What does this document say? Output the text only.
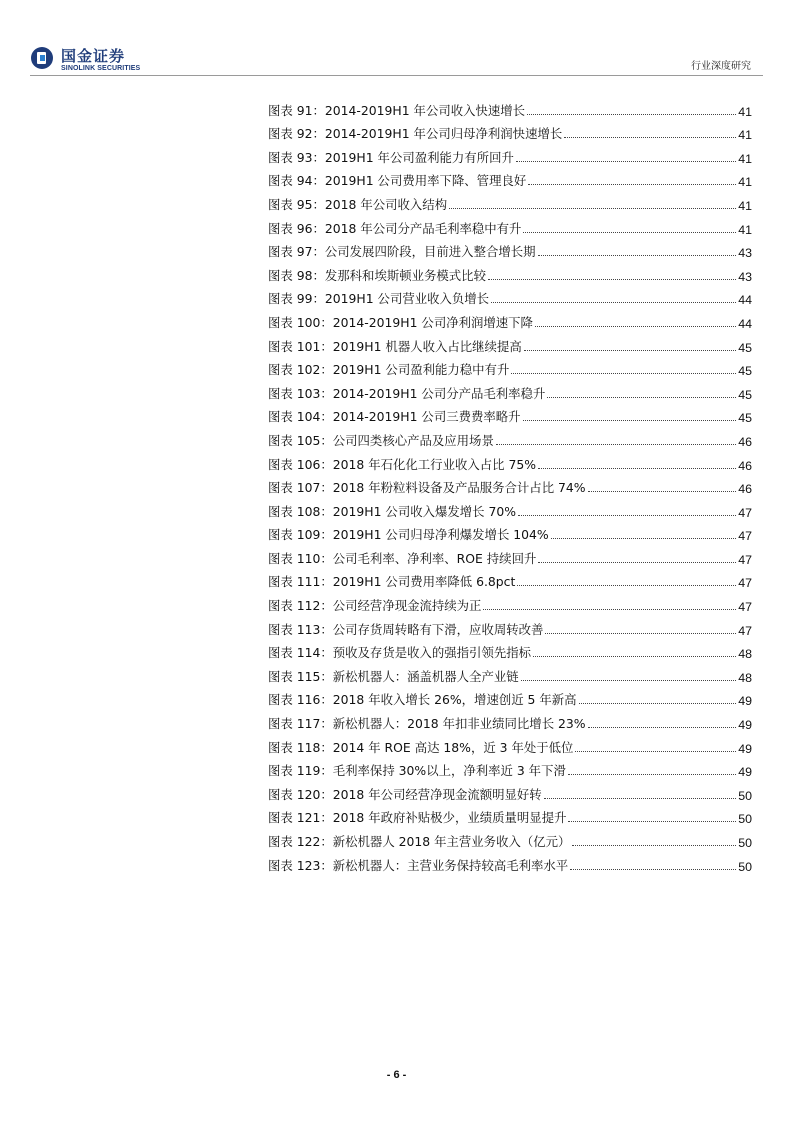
国金证券
SINOLINK SECURITIES	行业深度研究
图表 91：2014-2019H1 年公司收入快速增长	41
图表 92：2014-2019H1 年公司归母净利润快速增长	41
图表 93：2019H1 年公司盈利能力有所回升	41
图表 94：2019H1 公司费用率下降、管理良好	41
图表 95：2018 年公司收入结构	41
图表 96：2018 年公司分产品毛利率稳中有升	41
图表 97：公司发展四阶段，目前进入整合增长期	43
图表 98：发那科和埃斯顿业务模式比较	43
图表 99：2019H1 公司营业收入负增长	44
图表 100：2014-2019H1 公司净利润增速下降	44
图表 101：2019H1 机器人收入占比继续提高	45
图表 102：2019H1 公司盈利能力稳中有升	45
图表 103：2014-2019H1 公司分产品毛利率稳升	45
图表 104：2014-2019H1 公司三费费率略升	45
图表 105：公司四类核心产品及应用场景	46
图表 106：2018 年石化化工行业收入占比 75%	46
图表 107：2018 年粉粒料设备及产品服务合计占比 74%	46
图表 108：2019H1 公司收入爆发增长 70%	47
图表 109：2019H1 公司归母净利爆发增长 104%	47
图表 110：公司毛利率、净利率、ROE 持续回升	47
图表 111：2019H1 公司费用率降低 6.8pct	47
图表 112：公司经营净现金流持续为正	47
图表 113：公司存货周转略有下滑，应收周转改善	47
图表 114：预收及存货是收入的强指引领先指标	48
图表 115：新松机器人：涵盖机器人全产业链	48
图表 116：2018 年收入增长 26%，增速创近 5 年新高	49
图表 117：新松机器人：2018 年扣非业绩同比增长 23%	49
图表 118：2014 年 ROE 高达 18%，近 3 年处于低位	49
图表 119：毛利率保持 30%以上，净利率近 3 年下滑	49
图表 120：2018 年公司经营净现金流额明显好转	50
图表 121：2018 年政府补贴极少，业绩质量明显提升	50
图表 122：新松机器人 2018 年主营业务收入（亿元）	50
图表 123：新松机器人：主营业务保持较高毛利率水平	50
- 6 -
